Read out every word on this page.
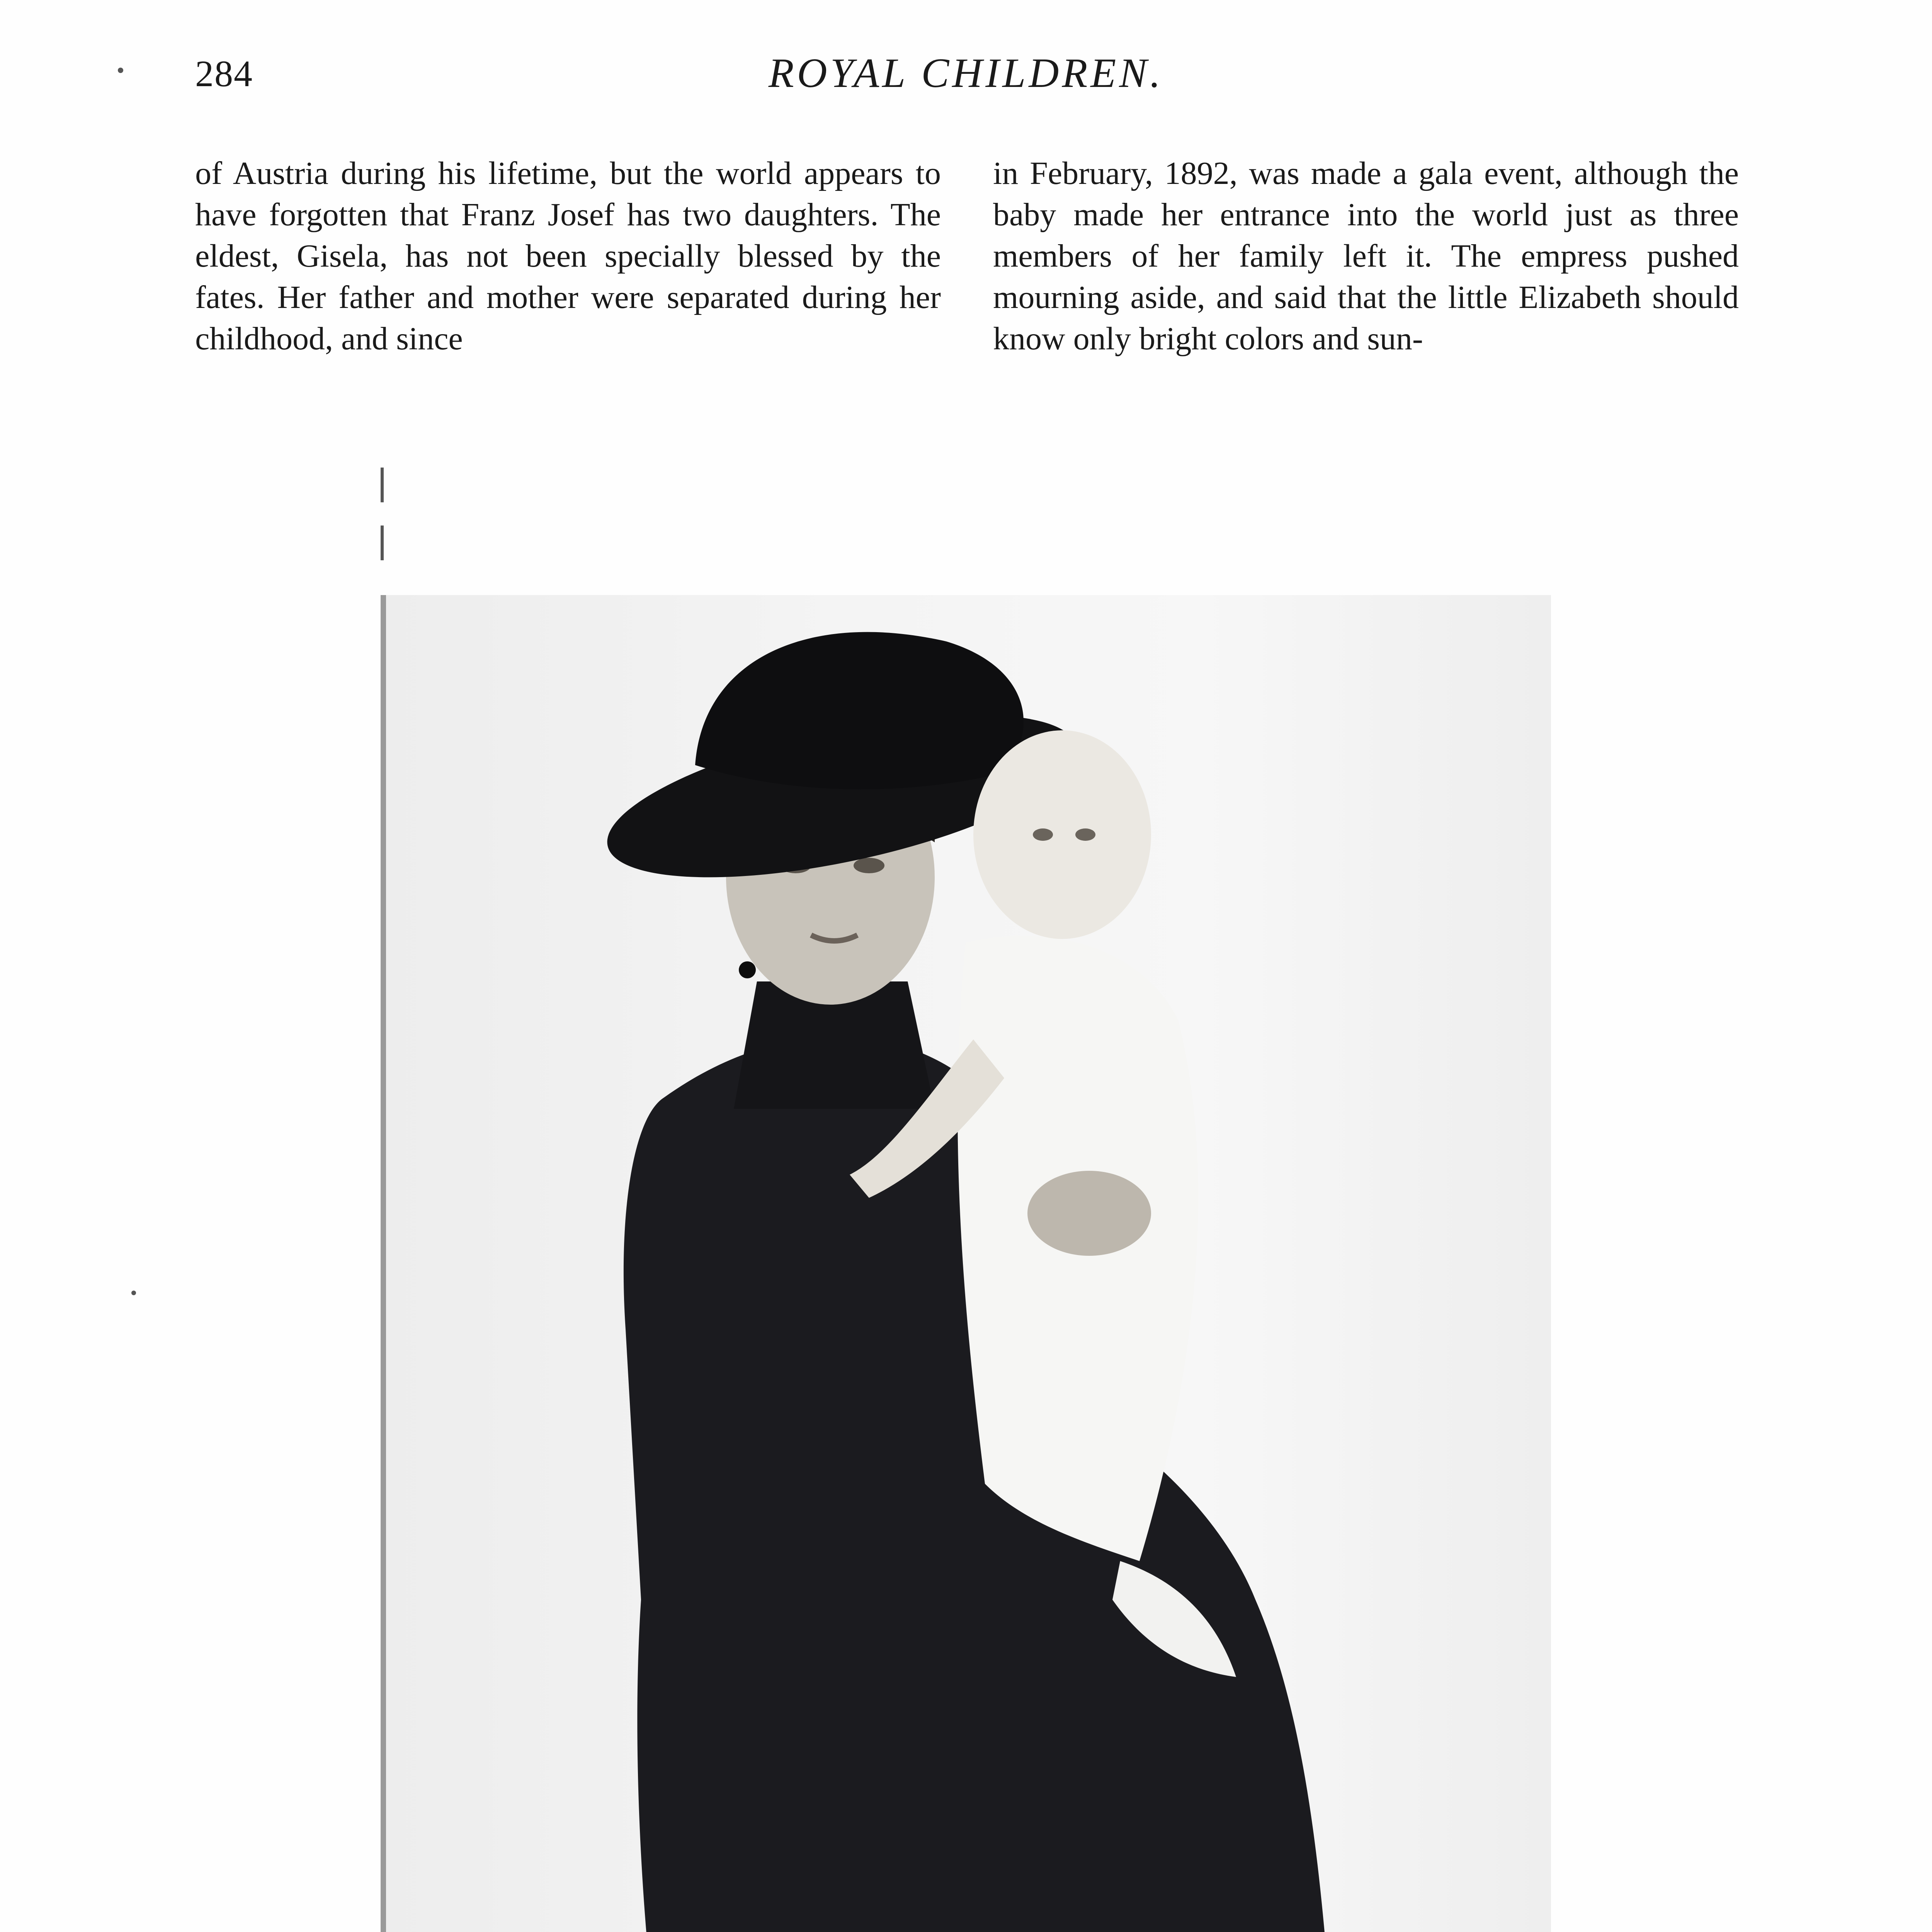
284	ROYAL CHILDREN.

of Austria during his lifetime, but the world appears to have forgotten that Franz Josef has two daughters. The eldest, Gisela, has not been specially blessed by the fates. Her father and mother were separated during her childhood, and since

in February, 1892, was made a gala event, although the baby made her entrance into the world just as three members of her family left it. The empress pushed mourning aside, and said that the little Elizabeth should know only bright colors and sun-
